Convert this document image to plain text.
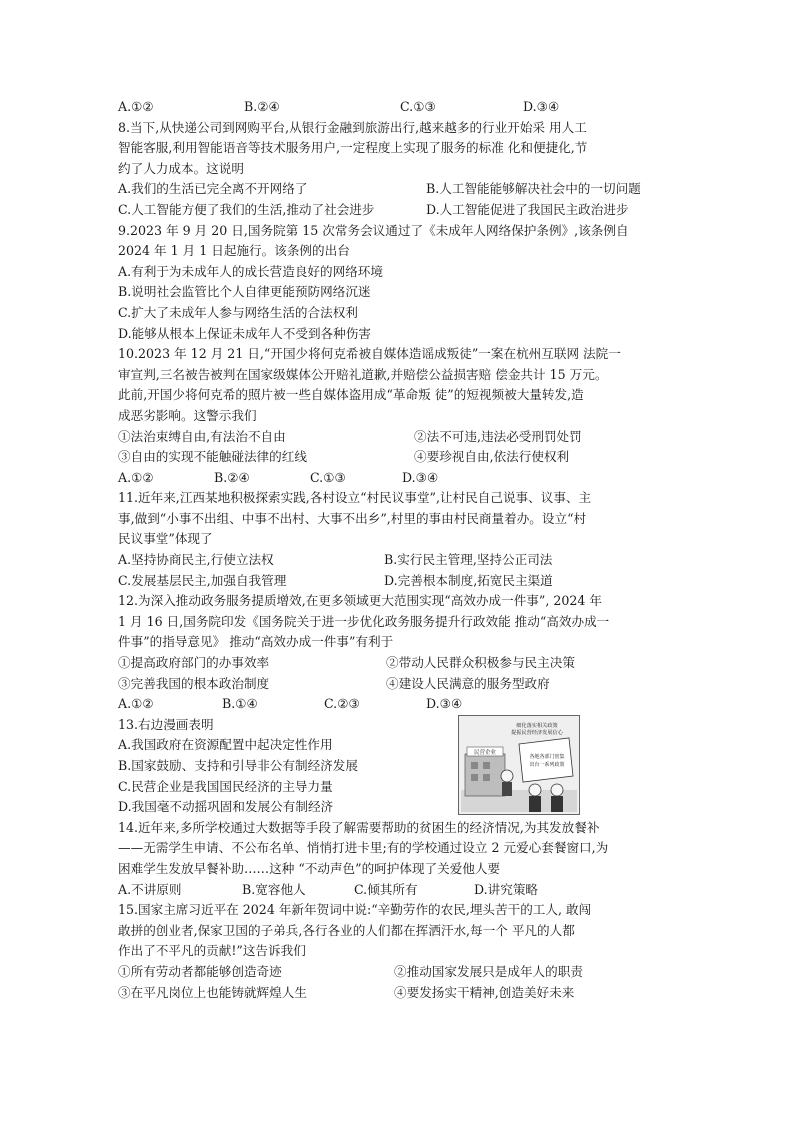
A.①②	B.②④	C.①③	D.③④
8.当下,从快递公司到网购平台,从银行金融到旅游出行,越来越多的行业开始采 用人工
智能客服,利用智能语音等技术服务用户,一定程度上实现了服务的标准 化和便捷化,节
约了人力成本。这说明
A.我们的生活已完全离不开网络了	B.人工智能能够解决社会中的一切问题
C.人工智能方便了我们的生活,推动了社会进步	D.人工智能促进了我国民主政治进步
9.2023 年 9 月 20 日,国务院第 15 次常务会议通过了《未成年人网络保护条例》,该条例自
2024 年 1 月 1 日起施行。该条例的出台
A.有利于为未成年人的成长营造良好的网络环境
B.说明社会监管比个人自律更能预防网络沉迷
C.扩大了未成年人参与网络生活的合法权利
D.能够从根本上保证未成年人不受到各种伤害
10.2023 年 12 月 21 日,“开国少将何克希被自媒体造谣成叛徒”一案在杭州互联网 法院一
审宣判,三名被告被判在国家级媒体公开赔礼道歉,并赔偿公益损害赔 偿金共计 15 万元。
此前,开国少将何克希的照片被一些自媒体盗用成“革命叛 徒”的短视频被大量转发,造
成恶劣影响。这警示我们
①法治束缚自由,有法治不自由	②法不可违,违法必受刑罚处罚
③自由的实现不能触碰法律的红线	④要珍视自由,依法行使权利
A.①②	B.②④	C.①③	D.③④
11.近年来,江西某地积极探索实践,各村设立“村民议事堂”,让村民自己说事、议事、主
事,做到“小事不出组、中事不出村、大事不出乡”,村里的事由村民商量着办。设立“村
民议事堂”体现了
A.坚持协商民主,行使立法权	B.实行民主管理,坚持公正司法
C.发展基层民主,加强自我管理	D.完善根本制度,拓宽民主渠道
12.为深入推动政务服务提质增效,在更多领域更大范围实现“高效办成一件事”, 2024 年
1 月 16 日,国务院印发《国务院关于进一步优化政务服务提升行政效能 推动“高效办成一
件事”的指导意见》 推动“高效办成一件事”有利于
①提高政府部门的办事效率	②带动人民群众积极参与民主决策
③完善我国的根本政治制度	④建设人民满意的服务型政府
A.①②	B.①④	C.②③	D.③④
13.右边漫画表明
A.我国政府在资源配置中起决定性作用
B.国家鼓励、支持和引导非公有制经济发展
C.民营企业是我国国民经济的主导力量
D.我国毫不动摇巩固和发展公有制经济
细化落实相关政策
提振民营经济发展信心
民营企业
各地各部门密集
出台一系列政策
14.近年来,多所学校通过大数据等手段了解需要帮助的贫困生的经济情况,为其发放餐补
——无需学生申请、不公布名单、悄悄打进卡里;有的学校通过设立 2 元爱心套餐窗口,为
困难学生发放早餐补助……这种 “不动声色”的呵护体现了关爱他人要
A.不讲原则	B.宽容他人	C.倾其所有	D.讲究策略
15.国家主席习近平在 2024 年新年贺词中说:“辛勤劳作的农民,埋头苦干的工人, 敢闯
敢拼的创业者,保家卫国的子弟兵,各行各业的人们都在挥洒汗水,每一个 平凡的人都
作出了不平凡的贡献!”这告诉我们
①所有劳动者都能够创造奇迹	②推动国家发展只是成年人的职责
③在平凡岗位上也能铸就辉煌人生	④要发扬实干精神,创造美好未来
